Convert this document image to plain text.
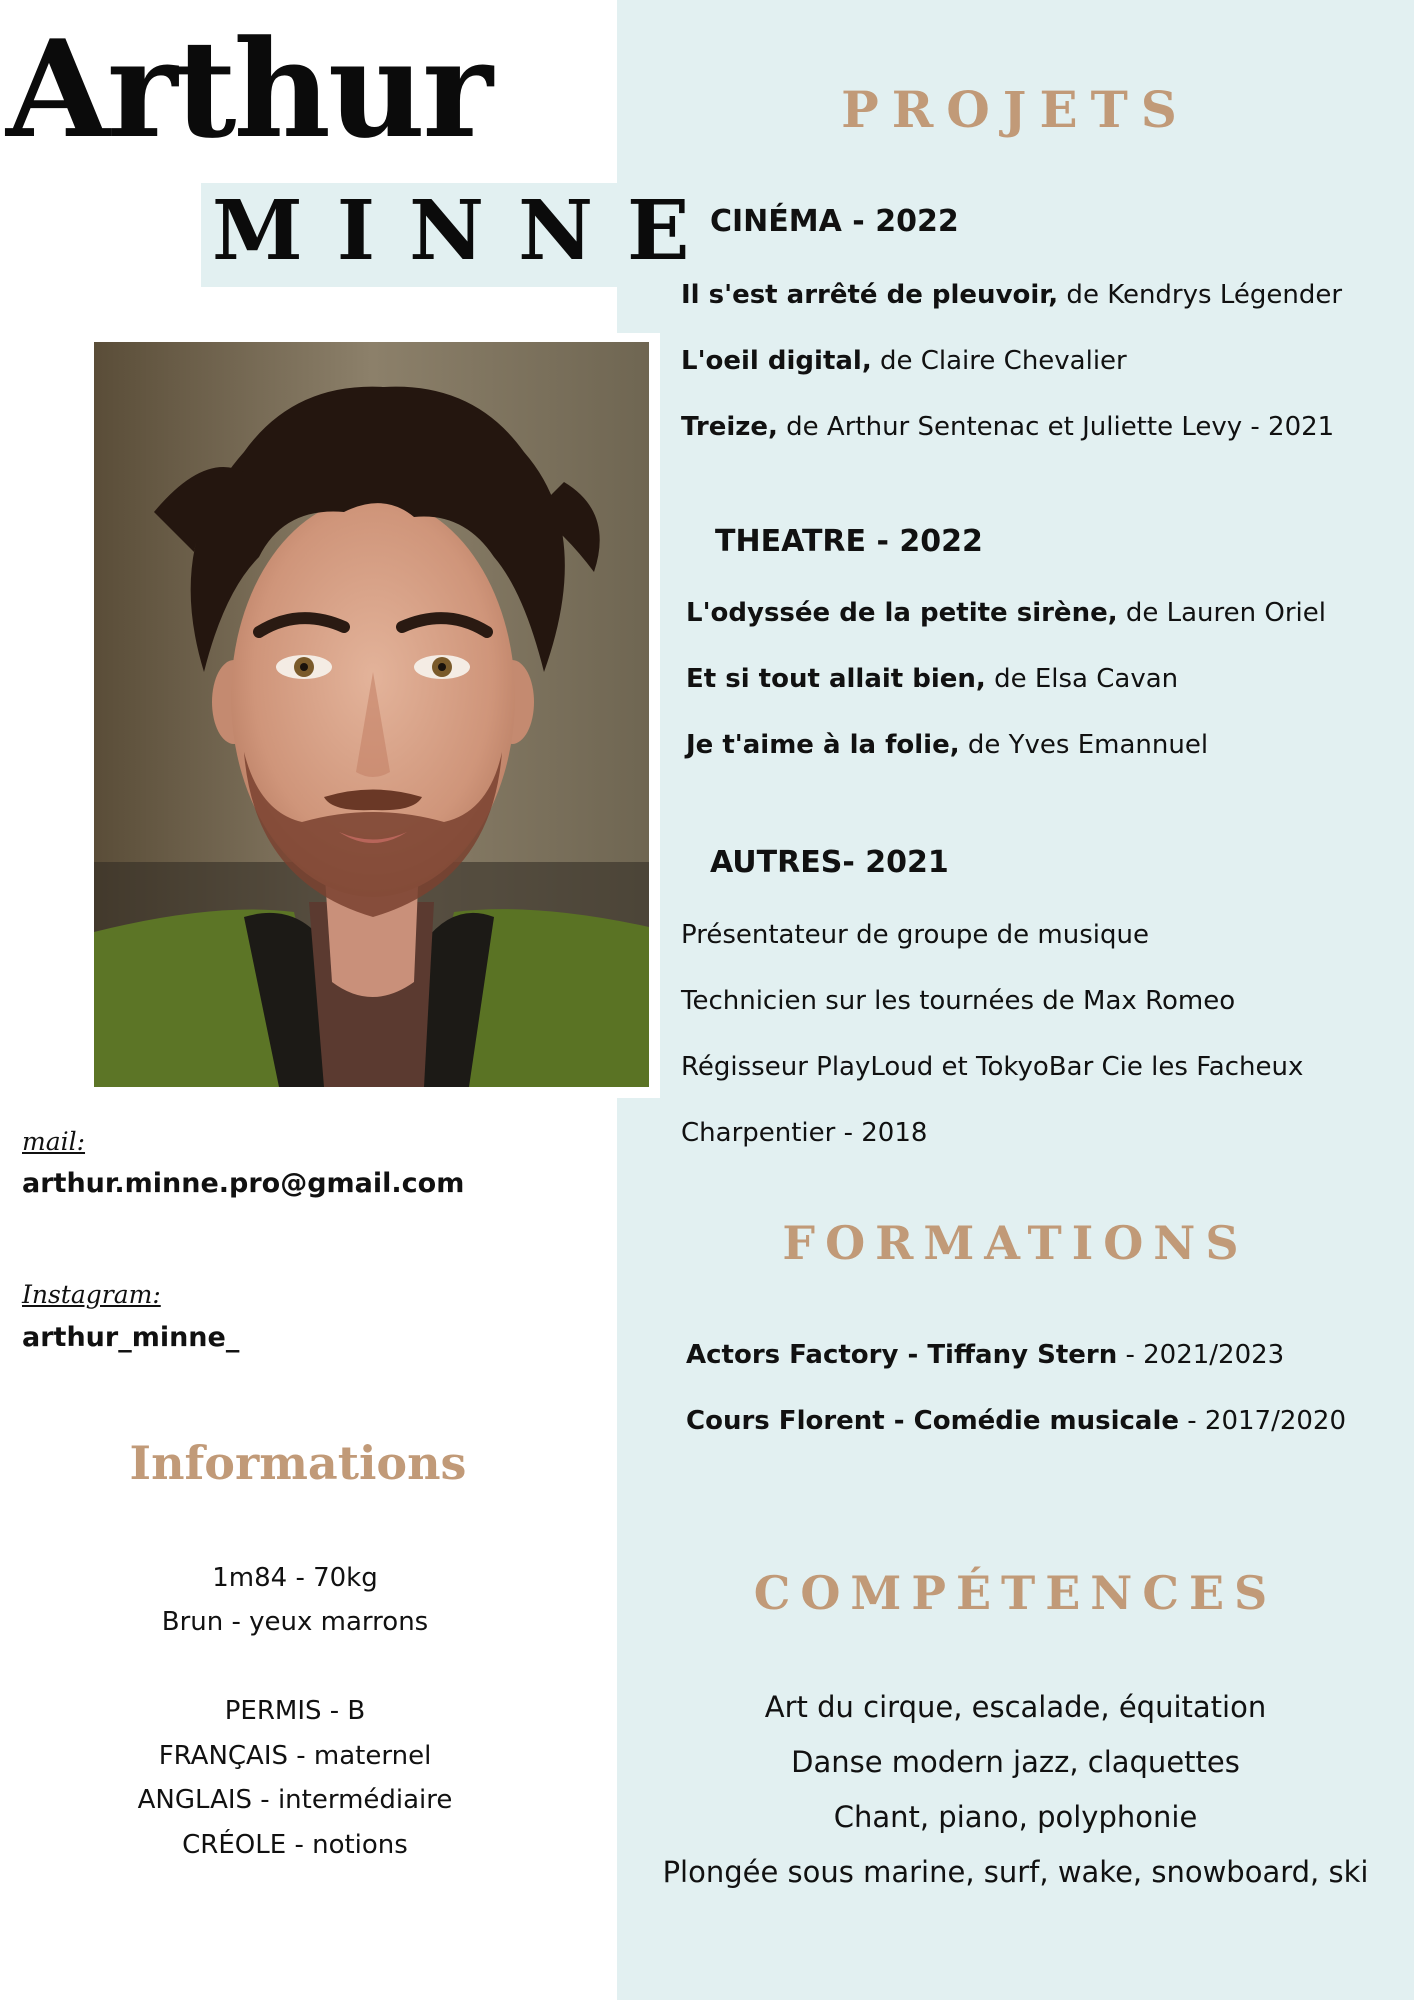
Arthur
MINNE
mail:
arthur.minne.pro@gmail.com
Instagram:
arthur_minne_
Informations
1m84 - 70kg
Brun - yeux marrons
PERMIS - B
FRANÇAIS - maternel
ANGLAIS - intermédiaire
CRÉOLE - notions
PROJETS
CINÉMA - 2022
Il s'est arrêté de pleuvoir, de Kendrys Légender
L'oeil digital, de Claire Chevalier
Treize, de Arthur Sentenac et Juliette Levy - 2021
THEATRE - 2022
L'odyssée de la petite sirène, de Lauren Oriel
Et si tout allait bien, de Elsa Cavan
Je t'aime à la folie, de Yves Emannuel
AUTRES- 2021
Présentateur de groupe de musique
Technicien sur les tournées de Max Romeo
Régisseur PlayLoud et TokyoBar Cie les Facheux
Charpentier - 2018
FORMATIONS
Actors Factory - Tiffany Stern - 2021/2023
Cours Florent - Comédie musicale - 2017/2020
COMPÉTENCES
Art du cirque, escalade, équitation
Danse modern jazz, claquettes
Chant, piano, polyphonie
Plongée sous marine, surf, wake, snowboard, ski
